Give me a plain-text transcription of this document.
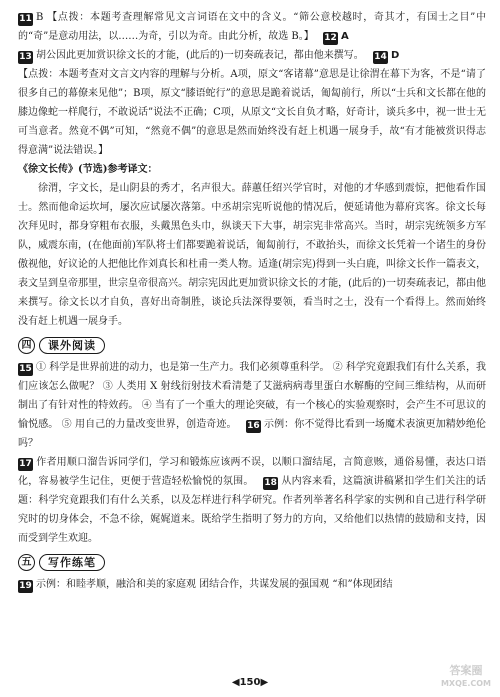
11 B 【点拨：本题考查理解常见文言词语在文中的含义。“筛公意校越时，奇其才，有国士之目”中的“奇”是意动用法，以……为奇，引以为奇。由此分析，故选 B。】 12 A

13 胡公因此更加赏识徐文长的才能，(此后的)一切奏疏表记，都由他来撰写。 14 D

【点拨：本题考查对文言文内容的理解与分析。A项，原文“客诸幕”意思是让徐渭在幕下为客，不是“请了很多自己的幕僚来见他”；B项，原文“膝语蛇行”的意思是跪着说话，匍匐前行，所以“士兵和文长都在他的膝边像蛇一样爬行，不敢说话”说法不正确；C项，从原文“文长自负才略，好奇计，谈兵多中，视一世士无可当意者。然竟不偶”可知，“然竟不偶”的意思是然而始终没有赶上机遇一展身手，故“有才能被赏识得志得意满”说法错误。】

《徐文长传》(节选)参考译文：

徐渭，字文长，是山阴县的秀才，名声很大。薛蕙任绍兴学官时，对他的才华感到震惊，把他看作国士。然而他命运坎坷，屡次应试屡次落第。中丞胡宗宪听说他的情况后，便延请他为幕府宾客。徐文长每次拜见时，都身穿粗布衣服，头戴黑色头巾，纵谈天下大事，胡宗宪非常高兴。当时，胡宗宪统领多方军队，威震东南，(在他面前)军队将士们都要跪着说话，匍匐前行，不敢抬头，而徐文长凭着一个诸生的身份傲视他，好议论的人把他比作刘真长和杜甫一类人物。适逢(胡宗宪)得到一头白鹿，叫徐文长作一篇表文，表文呈到皇帝那里，世宗皇帝很高兴。胡宗宪因此更加赏识徐文长的才能，(此后的)一切奏疏表记，都由他来撰写。徐文长以才自负，喜好出奇制胜，谈论兵法深得要领，看当时之士，没有一个看得上。然而始终没有赶上机遇一展身手。

四	课外阅读

15 ① 科学是世界前进的动力，也是第一生产力。我们必须尊重科学。 ② 科学究竟跟我们有什么关系，我们应该怎么做呢？ ③ 人类用 X 射线衍射技术看清楚了艾滋病病毒里蛋白水解酶的空间三维结构，从而研制出了有针对性的特效药。 ④ 当有了一个重大的理论突破，有一个核心的实验观察时，会产生不可思议的愉悦感。 ⑤ 用自己的力量改变世界，创造奇迹。 16 示例：你不觉得比看到一场魔术表演更加精妙绝伦吗？

17 作者用顺口溜告诉同学们，学习和锻炼应该两不误，以顺口溜结尾，言简意赅，通俗易懂，表达口语化，容易被学生记住，更便于营造轻松愉悦的氛围。 18 从内容来看，这篇演讲稿紧扣学生们关注的话题：科学究竟跟我们有什么关系，以及怎样进行科学研究。作者列举著名科学家的实例和自己进行科学研究时的切身体会，不急不徐，娓娓道来。既给学生指明了努力的方向，又给他们以热情的鼓励和支持，因而受到学生欢迎。

五	写作练笔

19 示例：和睦孝顺，融洽和美的家庭观 团结合作，共谋发展的强国观 “和”体现团结

◀150▶
答案圈
MXQE.COM
